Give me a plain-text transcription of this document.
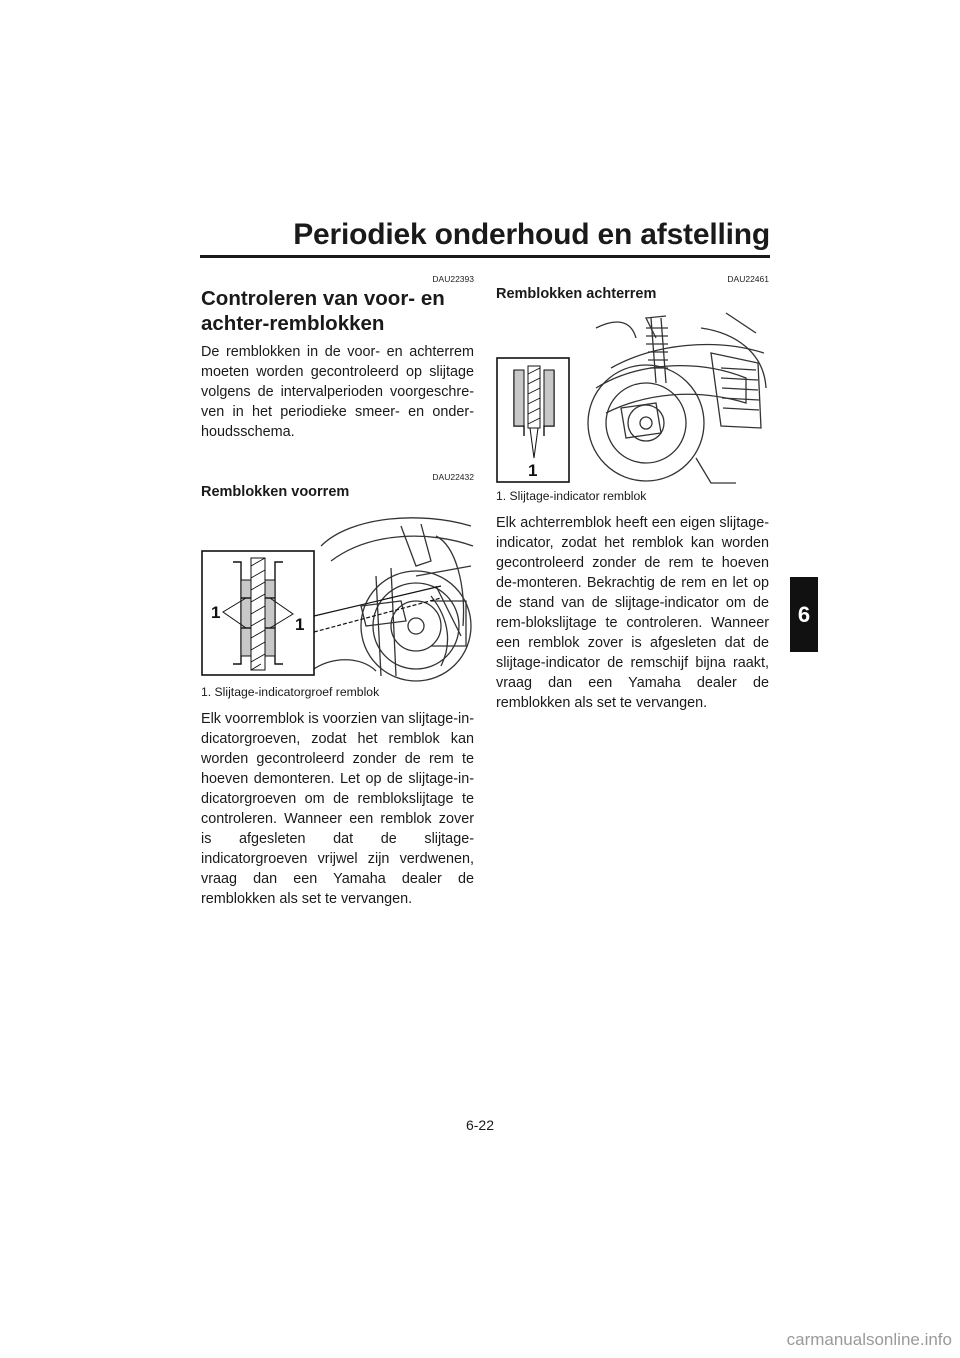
Periodiek onderhoud en afstelling
6
DAU22393
Controleren van voor- en achter-remblokken

De remblokken in de voor- en achterrem moeten worden gecontroleerd op slijtage volgens de intervalperioden voorgeschre-ven in het periodieke smeer- en onder-houdsschema.

DAU22432
Remblokken voorrem
1
1
1. Slijtage-indicatorgroef remblok

Elk voorremblok is voorzien van slijtage-in-dicatorgroeven, zodat het remblok kan worden gecontroleerd zonder de rem te hoeven demonteren. Let op de slijtage-in-dicatorgroeven om de remblokslijtage te controleren. Wanneer een remblok zover is afgesleten dat de slijtage-indicatorgroeven vrijwel zijn verdwenen, vraag dan een Yamaha dealer de remblokken als set te vervangen.

DAU22461
Remblokken achterrem
1
1. Slijtage-indicator remblok

Elk achterremblok heeft een eigen slijtage-indicator, zodat het remblok kan worden gecontroleerd zonder de rem te hoeven de-monteren. Bekrachtig de rem en let op de stand van de slijtage-indicator om de rem-blokslijtage te controleren. Wanneer een remblok zover is afgesleten dat de slijtage-indicator de remschijf bijna raakt, vraag dan een Yamaha dealer de remblokken als set te vervangen.

6-22
carmanualsonline.info
